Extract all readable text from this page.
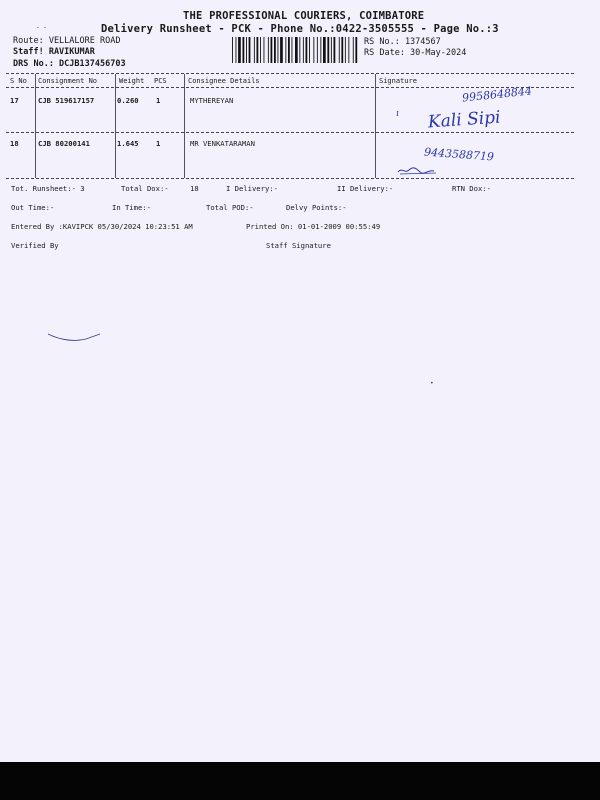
- -
THE PROFESSIONAL COURIERS, COIMBATORE
Delivery Runsheet - PCK - Phone No.:0422-3505555 - Page No.:3
Route: VELLALORE ROAD
Staff! RAVIKUMAR
DRS No.: DCJB137456703
RS No.: 1374567
RS Date: 30-May-2024
S No Consignment No	Weight PCS	Consignee Details	Signature
17	CJB 519617157	0.260 1	MYTHEREYAN	9958648844
Kali Sipi
ı
18	CJB 80200141	1.645 1	MR VENKATARAMAN
9443588719
Tot. Runsheet:- 3	Total Dox:-	18	I Delivery:-	II Delivery:-	RTN Dox:-
Out Time:-	In Time:-	Total POD:-	Delvy Points:-
Entered By :KAVIPCK 05/30/2024 10:23:51 AM	Printed On: 01-01-2009 00:55:49
Verified By	Staff Signature
•
